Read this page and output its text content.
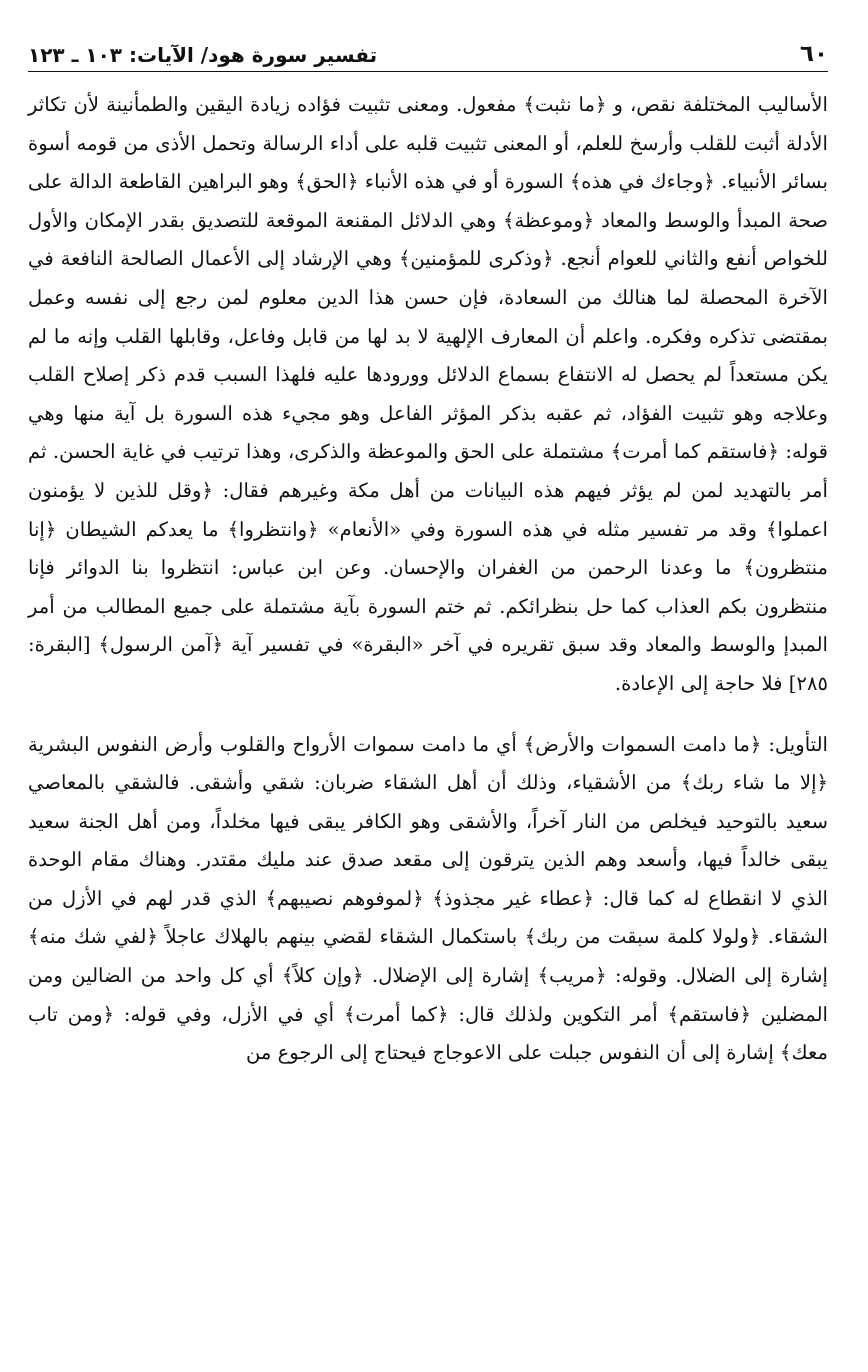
٦٠
تفسير سورة هود/ الآيات: ١٠٣ ـ ١٢٣

الأساليب المختلفة نقص، و ﴿ما نثبت﴾ مفعول. ومعنى تثبيت فؤاده زيادة اليقين والطمأنينة لأن تكاثر الأدلة أثبت للقلب وأرسخ للعلم، أو المعنى تثبيت قلبه على أداء الرسالة وتحمل الأذى من قومه أسوة بسائر الأنبياء. ﴿وجاءك في هذه﴾ السورة أو في هذه الأنباء ﴿الحق﴾ وهو البراهين القاطعة الدالة على صحة المبدأ والوسط والمعاد ﴿وموعظة﴾ وهي الدلائل المقنعة الموقعة للتصديق بقدر الإمكان والأول للخواص أنفع والثاني للعوام أنجع. ﴿وذكرى للمؤمنين﴾ وهي الإرشاد إلى الأعمال الصالحة النافعة في الآخرة المحصلة لما هنالك من السعادة، فإن حسن هذا الدين معلوم لمن رجع إلى نفسه وعمل بمقتضى تذكره وفكره. واعلم أن المعارف الإلهية لا بد لها من قابل وفاعل، وقابلها القلب وإنه ما لم يكن مستعداً لم يحصل له الانتفاع بسماع الدلائل وورودها عليه فلهذا السبب قدم ذكر إصلاح القلب وعلاجه وهو تثبيت الفؤاد، ثم عقبه بذكر المؤثر الفاعل وهو مجيء هذه السورة بل آية منها وهي قوله: ﴿فاستقم كما أمرت﴾ مشتملة على الحق والموعظة والذكرى، وهذا ترتيب في غاية الحسن. ثم أمر بالتهديد لمن لم يؤثر فيهم هذه البيانات من أهل مكة وغيرهم فقال: ﴿وقل للذين لا يؤمنون اعملوا﴾ وقد مر تفسير مثله في هذه السورة وفي «الأنعام» ﴿وانتظروا﴾ ما يعدكم الشيطان ﴿إنا منتظرون﴾ ما وعدنا الرحمن من الغفران والإحسان. وعن ابن عباس: انتظروا بنا الدوائر فإنا منتظرون بكم العذاب كما حل بنظرائكم. ثم ختم السورة بآية مشتملة على جميع المطالب من أمر المبدإ والوسط والمعاد وقد سبق تقريره في آخر «البقرة» في تفسير آية ﴿آمن الرسول﴾ [البقرة: ٢٨٥] فلا حاجة إلى الإعادة.

التأويل: ﴿ما دامت السموات والأرض﴾ أي ما دامت سموات الأرواح والقلوب وأرض النفوس البشرية ﴿إلا ما شاء ربك﴾ من الأشقياء، وذلك أن أهل الشقاء ضربان: شقي وأشقى. فالشقي بالمعاصي سعيد بالتوحيد فيخلص من النار آخراً، والأشقى وهو الكافر يبقى فيها مخلداً، ومن أهل الجنة سعيد يبقى خالداً فيها، وأسعد وهم الذين يترقون إلى مقعد صدق عند مليك مقتدر. وهناك مقام الوحدة الذي لا انقطاع له كما قال: ﴿عطاء غير مجذوذ﴾ ﴿لموفوهم نصيبهم﴾ الذي قدر لهم في الأزل من الشقاء. ﴿ولولا كلمة سبقت من ربك﴾ باستكمال الشقاء لقضي بينهم بالهلاك عاجلاً ﴿لفي شك منه﴾ إشارة إلى الضلال. وقوله: ﴿مريب﴾ إشارة إلى الإضلال. ﴿وإن كلاً﴾ أي كل واحد من الضالين ومن المضلين ﴿فاستقم﴾ أمر التكوين ولذلك قال: ﴿كما أمرت﴾ أي في الأزل، وفي قوله: ﴿ومن تاب معك﴾ إشارة إلى أن النفوس جبلت على الاعوجاج فيحتاج إلى الرجوع من
